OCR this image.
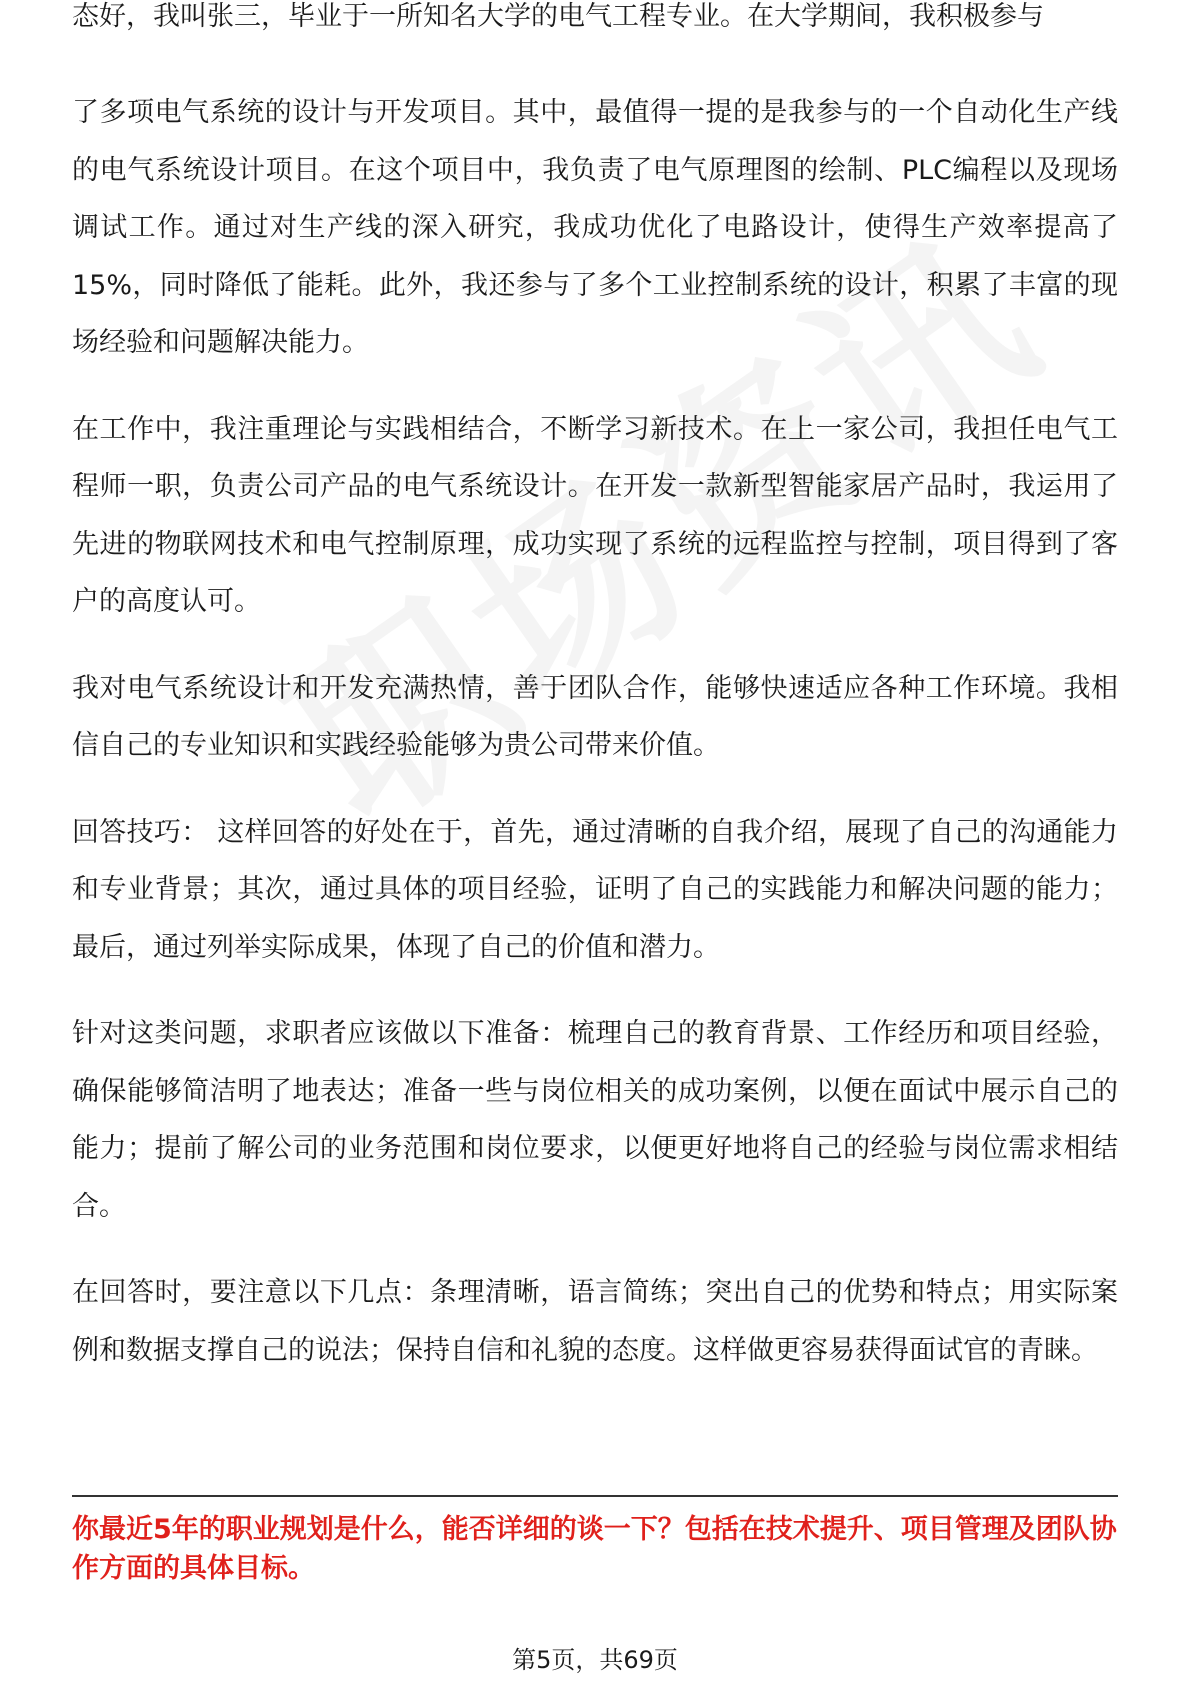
态好，我叫张三，毕业于一所知名大学的电气工程专业。在大学期间，我积极参与

了多项电气系统的设计与开发项目。其中，最值得一提的是我参与的一个自动化生产线的电气系统设计项目。在这个项目中，我负责了电气原理图的绘制、PLC编程以及现场调试工作。通过对生产线的深入研究，我成功优化了电路设计，使得生产效率提高了15%，同时降低了能耗。此外，我还参与了多个工业控制系统的设计，积累了丰富的现场经验和问题解决能力。

在工作中，我注重理论与实践相结合，不断学习新技术。在上一家公司，我担任电气工程师一职，负责公司产品的电气系统设计。在开发一款新型智能家居产品时，我运用了先进的物联网技术和电气控制原理，成功实现了系统的远程监控与控制，项目得到了客户的高度认可。

我对电气系统设计和开发充满热情，善于团队合作，能够快速适应各种工作环境。我相信自己的专业知识和实践经验能够为贵公司带来价值。

回答技巧： 这样回答的好处在于，首先，通过清晰的自我介绍，展现了自己的沟通能力和专业背景；其次，通过具体的项目经验，证明了自己的实践能力和解决问题的能力；最后，通过列举实际成果，体现了自己的价值和潜力。

针对这类问题，求职者应该做以下准备：梳理自己的教育背景、工作经历和项目经验，确保能够简洁明了地表达；准备一些与岗位相关的成功案例，以便在面试中展示自己的能力；提前了解公司的业务范围和岗位要求，以便更好地将自己的经验与岗位需求相结合。

在回答时，要注意以下几点：条理清晰，语言简练；突出自己的优势和特点；用实际案例和数据支撑自己的说法；保持自信和礼貌的态度。这样做更容易获得面试官的青睐。

你最近5年的职业规划是什么，能否详细的谈一下？包括在技术提升、项目管理及团队协作方面的具体目标。
第5页，共69页
